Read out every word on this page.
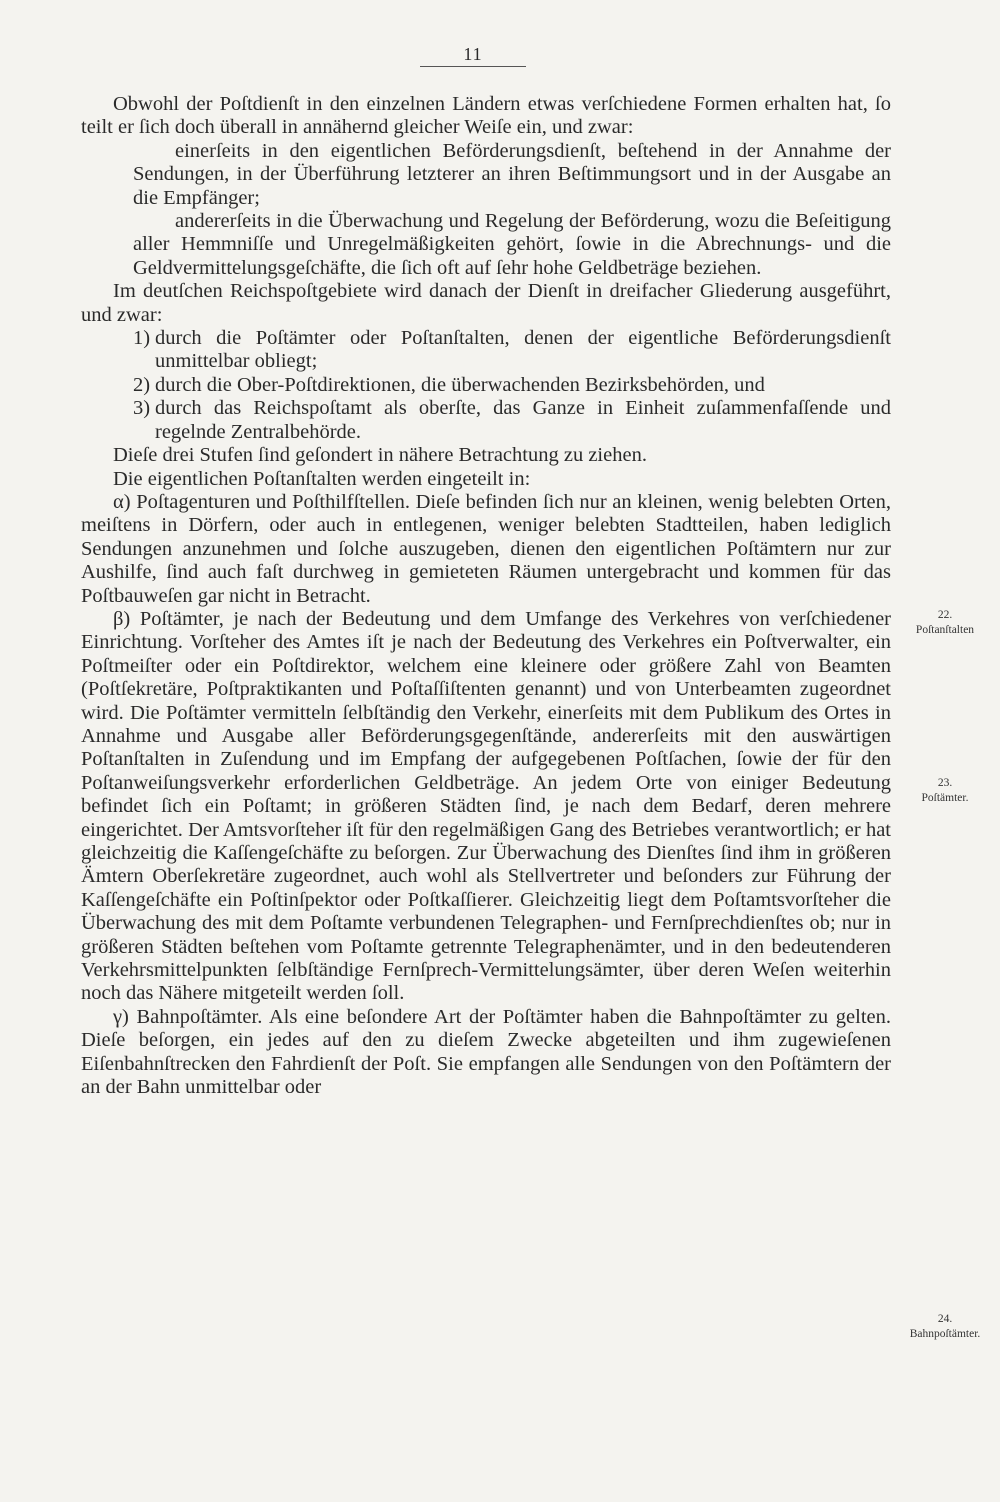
11

Obwohl der Poſtdienſt in den einzelnen Ländern etwas verſchiedene Formen erhalten hat, ſo teilt er ſich doch überall in annähernd gleicher Weiſe ein, und zwar:

einerſeits in den eigentlichen Beförderungsdienſt, beſtehend in der Annahme der Sendungen, in der Überführung letzterer an ihren Beſtimmungsort und in der Ausgabe an die Empfänger;

andererſeits in die Überwachung und Regelung der Beförderung, wozu die Beſeitigung aller Hemmniſſe und Unregelmäßigkeiten gehört, ſowie in die Abrechnungs- und die Geldvermittelungsgeſchäfte, die ſich oft auf ſehr hohe Geldbeträge beziehen.

Im deutſchen Reichspoſtgebiete wird danach der Dienſt in dreifacher Gliederung ausgeführt, und zwar:

1) durch die Poſtämter oder Poſtanſtalten, denen der eigentliche Beförderungsdienſt unmittelbar obliegt;

2) durch die Ober-Poſtdirektionen, die überwachenden Bezirksbehörden, und

3) durch das Reichspoſtamt als oberſte, das Ganze in Einheit zuſammenfaſſende und regelnde Zentralbehörde.

Dieſe drei Stufen ſind geſondert in nähere Betrachtung zu ziehen.

Die eigentlichen Poſtanſtalten werden eingeteilt in:

α) Poſtagenturen und Poſthilfſtellen. Dieſe befinden ſich nur an kleinen, wenig belebten Orten, meiſtens in Dörfern, oder auch in entlegenen, weniger belebten Stadtteilen, haben lediglich Sendungen anzunehmen und ſolche auszugeben, dienen den eigentlichen Poſtämtern nur zur Aushilfe, ſind auch faſt durchweg in gemieteten Räumen untergebracht und kommen für das Poſtbauweſen gar nicht in Betracht.

β) Poſtämter, je nach der Bedeutung und dem Umfange des Verkehres von verſchiedener Einrichtung. Vorſteher des Amtes iſt je nach der Bedeutung des Verkehres ein Poſtverwalter, ein Poſtmeiſter oder ein Poſtdirektor, welchem eine kleinere oder größere Zahl von Beamten (Poſtſekretäre, Poſtpraktikanten und Poſtaſſiſtenten genannt) und von Unterbeamten zugeordnet wird. Die Poſtämter vermitteln ſelbſtändig den Verkehr, einerſeits mit dem Publikum des Ortes in Annahme und Ausgabe aller Beförderungsgegenſtände, andererſeits mit den auswärtigen Poſtanſtalten in Zuſendung und im Empfang der aufgegebenen Poſtſachen, ſowie der für den Poſtanweiſungsverkehr erforderlichen Geldbeträge. An jedem Orte von einiger Bedeutung befindet ſich ein Poſtamt; in größeren Städten ſind, je nach dem Bedarf, deren mehrere eingerichtet. Der Amtsvorſteher iſt für den regelmäßigen Gang des Betriebes verantwortlich; er hat gleichzeitig die Kaſſengeſchäfte zu beſorgen. Zur Überwachung des Dienſtes ſind ihm in größeren Ämtern Oberſekretäre zugeordnet, auch wohl als Stellvertreter und beſonders zur Führung der Kaſſengeſchäfte ein Poſtinſpektor oder Poſtkaſſierer. Gleichzeitig liegt dem Poſtamtsvorſteher die Überwachung des mit dem Poſtamte verbundenen Telegraphen- und Fernſprechdienſtes ob; nur in größeren Städten beſtehen vom Poſtamte getrennte Telegraphenämter, und in den bedeutenderen Verkehrsmittelpunkten ſelbſtändige Fernſprech-Vermittelungsämter, über deren Weſen weiterhin noch das Nähere mitgeteilt werden ſoll.

γ) Bahnpoſtämter. Als eine beſondere Art der Poſtämter haben die Bahnpoſtämter zu gelten. Dieſe beſorgen, ein jedes auf den zu dieſem Zwecke abgeteilten und ihm zugewieſenen Eiſenbahnſtrecken den Fahrdienſt der Poſt. Sie empfangen alle Sendungen von den Poſtämtern der an der Bahn unmittelbar oder

22.
Poſtanſtalten
23.
Poſtämter.
24.
Bahnpoſtämter.
